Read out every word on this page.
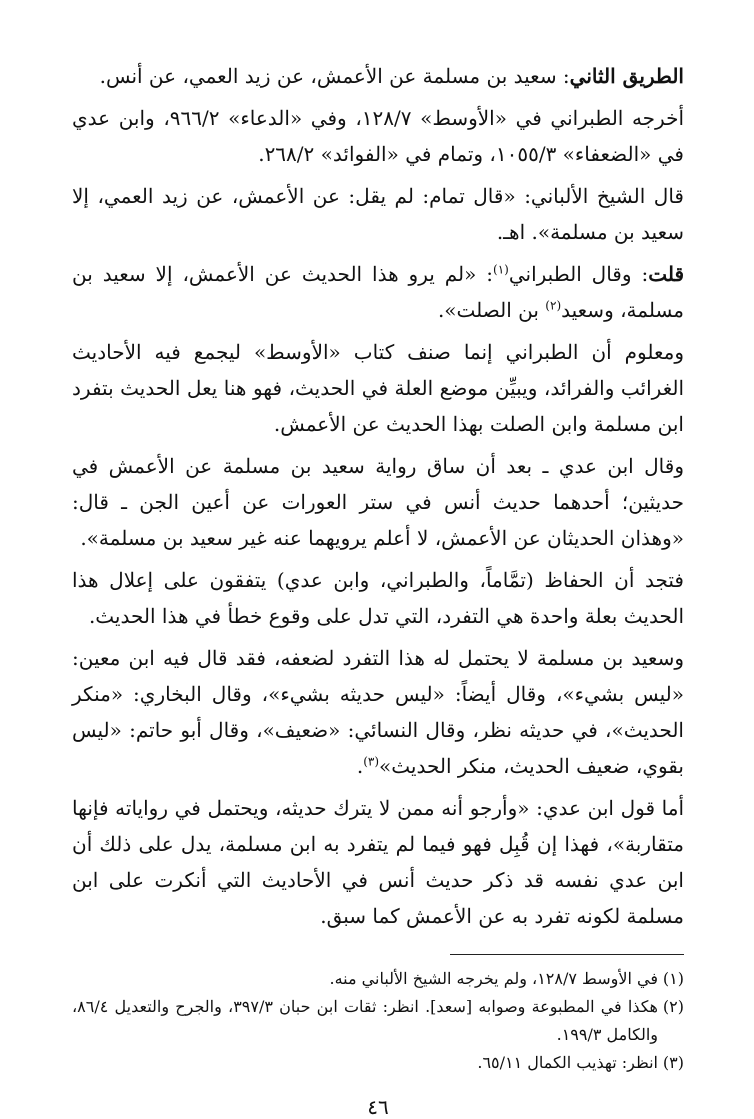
الطريق الثاني: سعيد بن مسلمة عن الأعمش، عن زيد العمي، عن أنس.

أخرجه الطبراني في «الأوسط» ١٢٨/٧، وفي «الدعاء» ٩٦٦/٢، وابن عدي في «الضعفاء» ١٠٥٥/٣، وتمام في «الفوائد» ٢٦٨/٢.

قال الشيخ الألباني: «قال تمام: لم يقل: عن الأعمش، عن زيد العمي، إلا سعيد بن مسلمة». اهـ.

قلت: وقال الطبراني$^{(١)}$: «لم يرو هذا الحديث عن الأعمش، إلا سعيد بن مسلمة، وسعيد$^{(٢)}$ بن الصلت».

ومعلوم أن الطبراني إنما صنف كتاب «الأوسط» ليجمع فيه الأحاديث الغرائب والفرائد، ويبيِّن موضع العلة في الحديث، فهو هنا يعل الحديث بتفرد ابن مسلمة وابن الصلت بهذا الحديث عن الأعمش.

وقال ابن عدي ـ بعد أن ساق رواية سعيد بن مسلمة عن الأعمش في حديثين؛ أحدهما حديث أنس في ستر العورات عن أعين الجن ـ قال: «وهذان الحديثان عن الأعمش، لا أعلم يرويهما عنه غير سعيد بن مسلمة».

فتجد أن الحفاظ (تمَّاماً، والطبراني، وابن عدي) يتفقون على إعلال هذا الحديث بعلة واحدة هي التفرد، التي تدل على وقوع خطأ في هذا الحديث.

وسعيد بن مسلمة لا يحتمل له هذا التفرد لضعفه، فقد قال فيه ابن معين: «ليس بشيء»، وقال أيضاً: «ليس حديثه بشيء»، وقال البخاري: «منكر الحديث»، في حديثه نظر، وقال النسائي: «ضعيف»، وقال أبو حاتم: «ليس بقوي، ضعيف الحديث، منكر الحديث»$^{(٣)}$.

أما قول ابن عدي: «وأرجو أنه ممن لا يترك حديثه، ويحتمل في رواياته فإنها متقاربة»، فهذا إن قُبِل فهو فيما لم يتفرد به ابن مسلمة، يدل على ذلك أن ابن عدي نفسه قد ذكر حديث أنس في الأحاديث التي أنكرت على ابن مسلمة لكونه تفرد به عن الأعمش كما سبق.

(١)
في الأوسط ١٢٨/٧، ولم يخرجه الشيخ الألباني منه.
(٢)
هكذا في المطبوعة وصوابه [سعد]. انظر: ثقات ابن حبان ٣٩٧/٣، والجرح والتعديل ٨٦/٤، والكامل ١٩٩/٣.
(٣)
انظر: تهذيب الكمال ٦٥/١١.
٤٦
